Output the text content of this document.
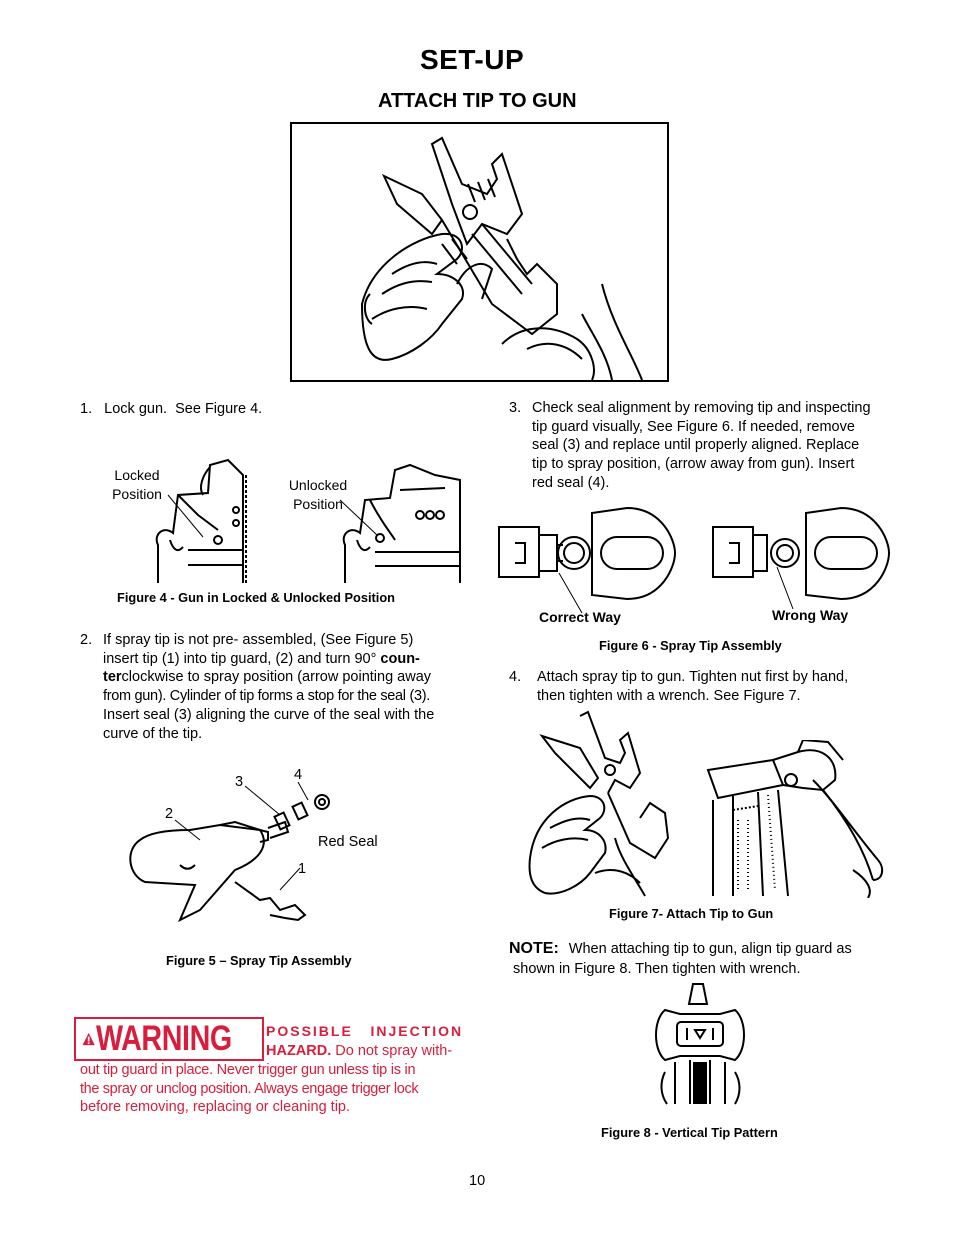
SET-UP
ATTACH TIP TO GUN
1.   Lock gun.  See Figure 4.
Locked
Position
Unlocked
Position
Figure 4 - Gun in Locked & Unlocked Position
2. If spray tip is not pre- assembled, (See Figure 5)
insert tip (1) into tip guard, (2) and turn 90° coun-
terclockwise to spray position (arrow pointing away
from gun). Cylinder of tip forms a stop for the seal (3).
Insert seal (3) aligning the curve of the seal with the
curve of the tip.
4
3
2
1
Red Seal
Figure 5 – Spray Tip Assembly
WARNING POSSIBLE   INJECTION
HAZARD. Do not spray with-
out tip guard in place. Never trigger gun unless tip is in
the spray or unclog position. Always engage trigger lock
before removing, replacing or cleaning tip.
3. Check seal alignment by removing tip and inspecting
tip guard visually, See Figure 6. If needed, remove
seal (3) and replace until properly aligned. Replace
tip to spray position, (arrow away from gun). Insert
red seal (4).
Correct Way	Wrong Way
Figure 6 - Spray Tip Assembly
4. Attach spray tip to gun. Tighten nut first by hand,
then tighten with a wrench. See Figure 7.
Figure 7- Attach Tip to Gun
NOTE: When attaching tip to gun, align tip guard as
shown in Figure 8. Then tighten with wrench.
Figure 8 - Vertical Tip Pattern
10
